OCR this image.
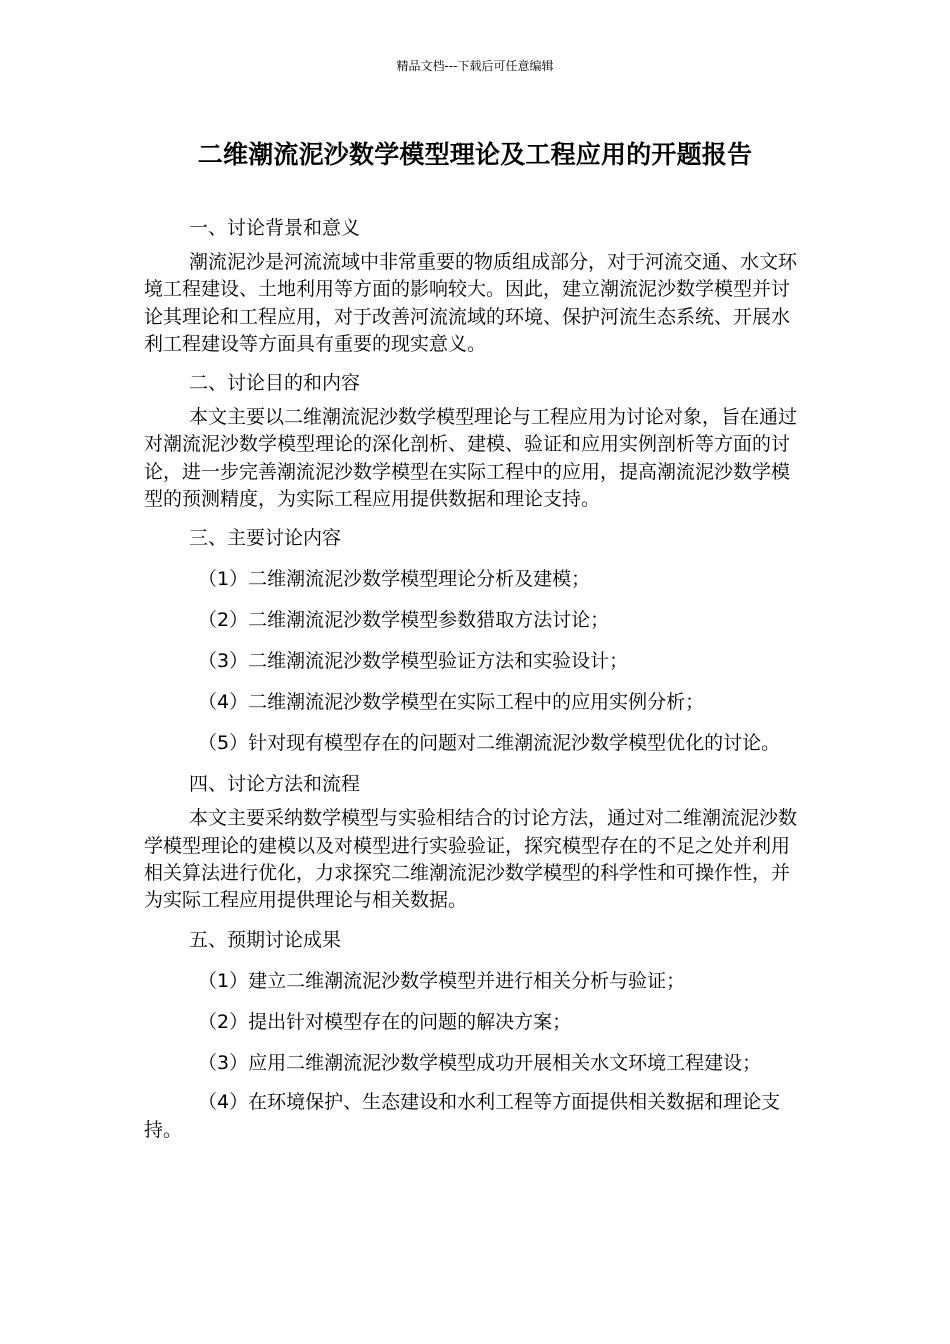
精品文档---下载后可任意编辑
二维潮流泥沙数学模型理论及工程应用的开题报告
一、讨论背景和意义

潮流泥沙是河流流域中非常重要的物质组成部分，对于河流交通、水文环境工程建设、土地利用等方面的影响较大。因此，建立潮流泥沙数学模型并讨论其理论和工程应用，对于改善河流流域的环境、保护河流生态系统、开展水利工程建设等方面具有重要的现实意义。

二、讨论目的和内容

本文主要以二维潮流泥沙数学模型理论与工程应用为讨论对象，旨在通过对潮流泥沙数学模型理论的深化剖析、建模、验证和应用实例剖析等方面的讨论，进一步完善潮流泥沙数学模型在实际工程中的应用，提高潮流泥沙数学模型的预测精度，为实际工程应用提供数据和理论支持。

三、主要讨论内容
（1）二维潮流泥沙数学模型理论分析及建模；
（2）二维潮流泥沙数学模型参数猎取方法讨论；
（3）二维潮流泥沙数学模型验证方法和实验设计；
（4）二维潮流泥沙数学模型在实际工程中的应用实例分析；
（5）针对现有模型存在的问题对二维潮流泥沙数学模型优化的讨论。
四、讨论方法和流程

本文主要采纳数学模型与实验相结合的讨论方法，通过对二维潮流泥沙数学模型理论的建模以及对模型进行实验验证，探究模型存在的不足之处并利用相关算法进行优化，力求探究二维潮流泥沙数学模型的科学性和可操作性，并为实际工程应用提供理论与相关数据。

五、预期讨论成果
（1）建立二维潮流泥沙数学模型并进行相关分析与验证；
（2）提出针对模型存在的问题的解决方案；
（3）应用二维潮流泥沙数学模型成功开展相关水文环境工程建设；
（4）在环境保护、生态建设和水利工程等方面提供相关数据和理论支持。
